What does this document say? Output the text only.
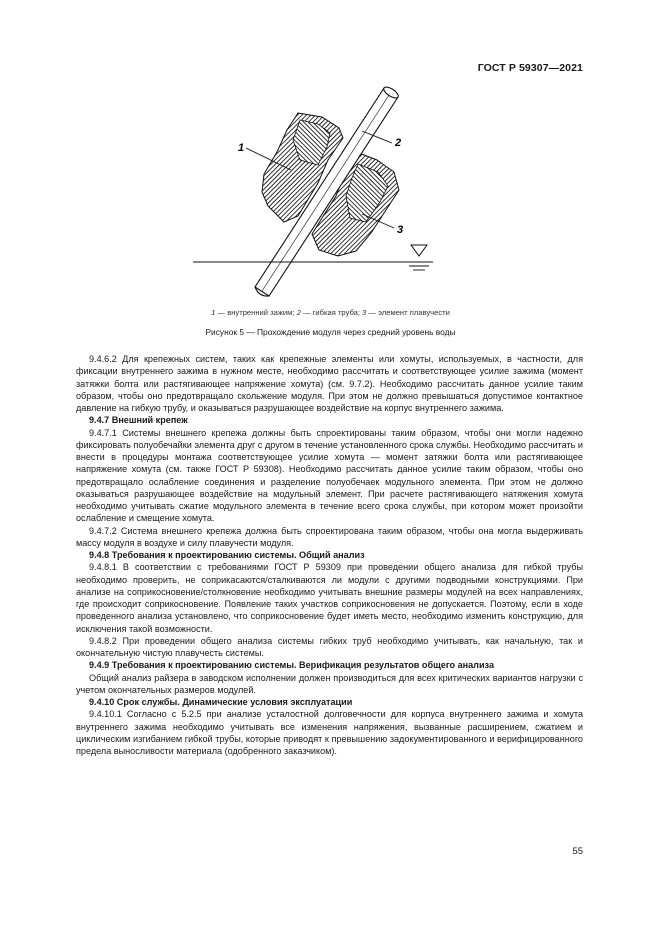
ГОСТ Р 59307—2021
1	2
3
1 — внутренний зажим; 2 — гибкая труба; 3 — элемент плавучести
Рисунок 5 — Прохождение модуля через средний уровень воды

9.4.6.2 Для крепежных систем, таких как крепежные элементы или хомуты, используемых, в частности, для фиксации внутреннего зажима в нужном месте, необходимо рассчитать и соответствующее усилие зажима (момент затяжки болта или растягивающее напряжение хомута) (см. 9.7.2). Необходимо рассчитать данное усилие таким образом, чтобы оно предотвращало скольжение модуля. При этом не должно превышаться допустимое контактное давление на гибкую трубу, и оказываться разрушающее воздействие на корпус внутреннего зажима.

9.4.7 Внешний крепеж

9.4.7.1 Системы внешнего крепежа должны быть спроектированы таким образом, чтобы они могли надежно фиксировать полуобечайки элемента друг с другом в течение установленного срока службы. Необходимо рассчитать и внести в процедуры монтажа соответствующее усилие хомута — момент затяжки болта или растягивающее напряжение хомута (см. также ГОСТ Р 59308). Необходимо рассчитать данное усилие таким образом, чтобы оно предотвращало ослабление соединения и разделение полуобечаек модульного элемента. При этом не должно оказываться разрушающее воздействие на модульный элемент. При расчете растягивающего натяжения хомута необходимо учитывать сжатие модульного элемента в течение всего срока службы, при котором может произойти ослабление и смещение хомута.

9.4.7.2 Система внешнего крепежа должна быть спроектирована таким образом, чтобы она могла выдерживать массу модуля в воздухе и силу плавучести модуля.

9.4.8 Требования к проектированию системы. Общий анализ

9.4.8.1 В соответствии с требованиями ГОСТ Р 59309 при проведении общего анализа для гибкой трубы необходимо проверить, не соприкасаются/сталкиваются ли модули с другими подводными конструкциями. При анализе на соприкосновение/столкновение необходимо учитывать внешние размеры модулей на всех направлениях, где происходит соприкосновение. Появление таких участков соприкосновения не допускается. Поэтому, если в ходе проведенного анализа установлено, что соприкосновение будет иметь место, необходимо изменить конструкцию, для исключения такой возможности.

9.4.8.2 При проведении общего анализа системы гибких труб необходимо учитывать, как начальную, так и окончательную чистую плавучесть системы.

9.4.9 Требования к проектированию системы. Верификация результатов общего анализа

Общий анализ райзера в заводском исполнении должен производиться для всех критических вариантов нагрузки с учетом окончательных размеров модулей.

9.4.10 Срок службы. Динамические условия эксплуатации

9.4.10.1 Согласно с 5.2.5 при анализе усталостной долговечности для корпуса внутреннего зажима и хомута внутреннего зажима необходимо учитывать все изменения напряжения, вызванные расширением, сжатием и циклическим изгибанием гибкой трубы, которые приводят к превышению задокументированного и верифицированного предела выносливости материала (одобренного заказчиком).

55
